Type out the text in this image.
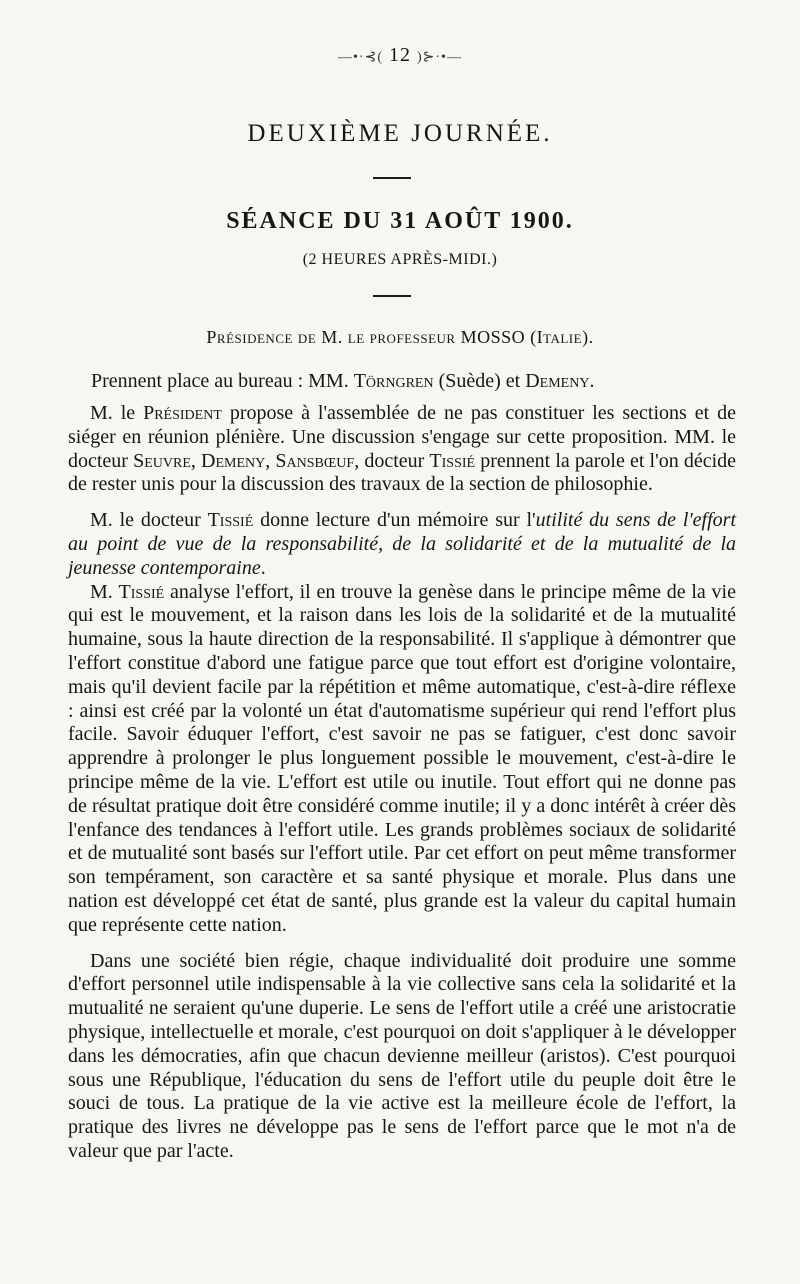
—•·⊰( 12 )⊱·•—
DEUXIÈME JOURNÉE.
SÉANCE DU 31 AOÛT 1900.
(2 HEURES APRÈS-MIDI.)
Présidence de M. le professeur MOSSO (Italie).
Prennent place au bureau : MM. Törngren (Suède) et Demeny.

M. le Président propose à l'assemblée de ne pas constituer les sections et de siéger en réunion plénière. Une discussion s'engage sur cette proposition. MM. le docteur Seuvre, Demeny, Sansbœuf, docteur Tissié prennent la parole et l'on décide de rester unis pour la discussion des travaux de la section de philosophie.

M. le docteur Tissié donne lecture d'un mémoire sur l'utilité du sens de l'effort au point de vue de la responsabilité, de la solidarité et de la mutualité de la jeunesse contemporaine.

M. Tissié analyse l'effort, il en trouve la genèse dans le principe même de la vie qui est le mouvement, et la raison dans les lois de la solidarité et de la mutualité humaine, sous la haute direction de la responsabilité. Il s'applique à démontrer que l'effort constitue d'abord une fatigue parce que tout effort est d'origine volontaire, mais qu'il devient facile par la répétition et même automatique, c'est-à-dire réflexe : ainsi est créé par la volonté un état d'automatisme supérieur qui rend l'effort plus facile. Savoir éduquer l'effort, c'est savoir ne pas se fatiguer, c'est donc savoir apprendre à prolonger le plus longuement possible le mouvement, c'est-à-dire le principe même de la vie. L'effort est utile ou inutile. Tout effort qui ne donne pas de résultat pratique doit être considéré comme inutile; il y a donc intérêt à créer dès l'enfance des tendances à l'effort utile. Les grands problèmes sociaux de solidarité et de mutualité sont basés sur l'effort utile. Par cet effort on peut même transformer son tempérament, son caractère et sa santé physique et morale. Plus dans une nation est développé cet état de santé, plus grande est la valeur du capital humain que représente cette nation.

Dans une société bien régie, chaque individualité doit produire une somme d'effort personnel utile indispensable à la vie collective sans cela la solidarité et la mutualité ne seraient qu'une duperie. Le sens de l'effort utile a créé une aristocratie physique, intellectuelle et morale, c'est pourquoi on doit s'appliquer à le développer dans les démocraties, afin que chacun devienne meilleur (aristos). C'est pourquoi sous une République, l'éducation du sens de l'effort utile du peuple doit être le souci de tous. La pratique de la vie active est la meilleure école de l'effort, la pratique des livres ne développe pas le sens de l'effort parce que le mot n'a de valeur que par l'acte.
